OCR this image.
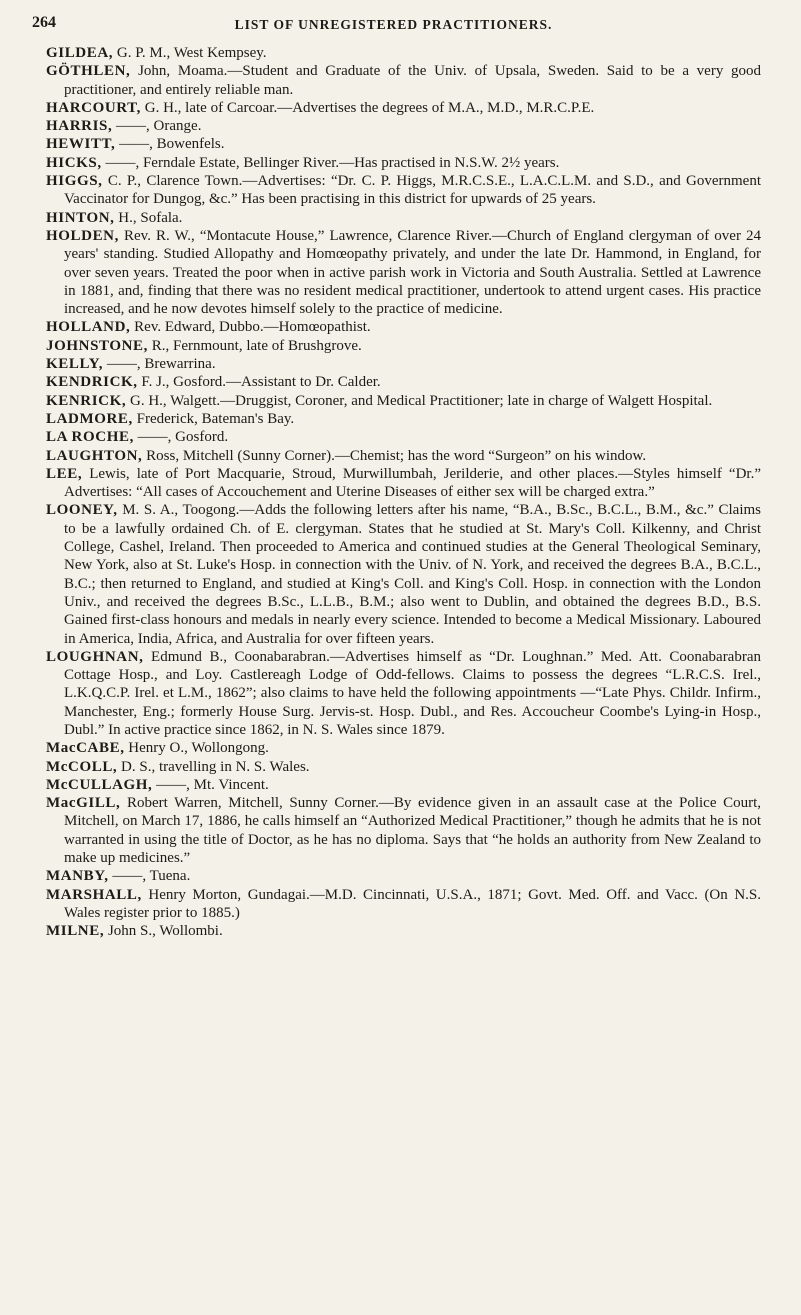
264	LIST OF UNREGISTERED PRACTITIONERS.

GILDEA, G. P. M., West Kempsey.

GÖTHLEN, John, Moama.—Student and Graduate of the Univ. of Upsala, Sweden. Said to be a very good practitioner, and entirely reliable man.

HARCOURT, G. H., late of Carcoar.—Advertises the degrees of M.A., M.D., M.R.C.P.E.

HARRIS, ——, Orange.

HEWITT, ——, Bowenfels.

HICKS, ——, Ferndale Estate, Bellinger River.—Has practised in N.S.W. 2½ years.

HIGGS, C. P., Clarence Town.—Advertises: “Dr. C. P. Higgs, M.R.C.S.E., L.A.C.L.M. and S.D., and Government Vaccinator for Dungog, &c.” Has been practising in this district for upwards of 25 years.

HINTON, H., Sofala.

HOLDEN, Rev. R. W., “Montacute House,” Lawrence, Clarence River.—Church of England clergyman of over 24 years' standing. Studied Allopathy and Homœopathy privately, and under the late Dr. Hammond, in England, for over seven years. Treated the poor when in active parish work in Victoria and South Australia. Settled at Lawrence in 1881, and, finding that there was no resident medical practitioner, undertook to attend urgent cases. His practice increased, and he now devotes himself solely to the practice of medicine.

HOLLAND, Rev. Edward, Dubbo.—Homœopathist.

JOHNSTONE, R., Fernmount, late of Brushgrove.

KELLY, ——, Brewarrina.

KENDRICK, F. J., Gosford.—Assistant to Dr. Calder.

KENRICK, G. H., Walgett.—Druggist, Coroner, and Medical Practitioner; late in charge of Walgett Hospital.

LADMORE, Frederick, Bateman's Bay.

LA ROCHE, ——, Gosford.

LAUGHTON, Ross, Mitchell (Sunny Corner).—Chemist; has the word “Surgeon” on his window.

LEE, Lewis, late of Port Macquarie, Stroud, Murwillumbah, Jerilderie, and other places.—Styles himself “Dr.” Advertises: “All cases of Accouchement and Uterine Diseases of either sex will be charged extra.”

LOONEY, M. S. A., Toogong.—Adds the following letters after his name, “B.A., B.Sc., B.C.L., B.M., &c.” Claims to be a lawfully ordained Ch. of E. clergyman. States that he studied at St. Mary's Coll. Kilkenny, and Christ College, Cashel, Ireland. Then proceeded to America and continued studies at the General Theological Seminary, New York, also at St. Luke's Hosp. in connection with the Univ. of N. York, and received the degrees B.A., B.C.L., B.C.; then returned to England, and studied at King's Coll. and King's Coll. Hosp. in connection with the London Univ., and received the degrees B.Sc., L.L.B., B.M.; also went to Dublin, and obtained the degrees B.D., B.S. Gained first-class honours and medals in nearly every science. Intended to become a Medical Missionary. Laboured in America, India, Africa, and Australia for over fifteen years.

LOUGHNAN, Edmund B., Coonabarabran.—Advertises himself as “Dr. Loughnan.” Med. Att. Coonabarabran Cottage Hosp., and Loy. Castlereagh Lodge of Odd-fellows. Claims to possess the degrees “L.R.C.S. Irel., L.K.Q.C.P. Irel. et L.M., 1862”; also claims to have held the following appointments —“Late Phys. Childr. Infirm., Manchester, Eng.; formerly House Surg. Jervis-st. Hosp. Dubl., and Res. Accoucheur Coombe's Lying-in Hosp., Dubl.” In active practice since 1862, in N. S. Wales since 1879.

MacCABE, Henry O., Wollongong.

McCOLL, D. S., travelling in N. S. Wales.

McCULLAGH, ——, Mt. Vincent.

MacGILL, Robert Warren, Mitchell, Sunny Corner.—By evidence given in an assault case at the Police Court, Mitchell, on March 17, 1886, he calls himself an “Authorized Medical Practitioner,” though he admits that he is not warranted in using the title of Doctor, as he has no diploma. Says that “he holds an authority from New Zealand to make up medicines.”

MANBY, ——, Tuena.

MARSHALL, Henry Morton, Gundagai.—M.D. Cincinnati, U.S.A., 1871; Govt. Med. Off. and Vacc. (On N.S. Wales register prior to 1885.)

MILNE, John S., Wollombi.
